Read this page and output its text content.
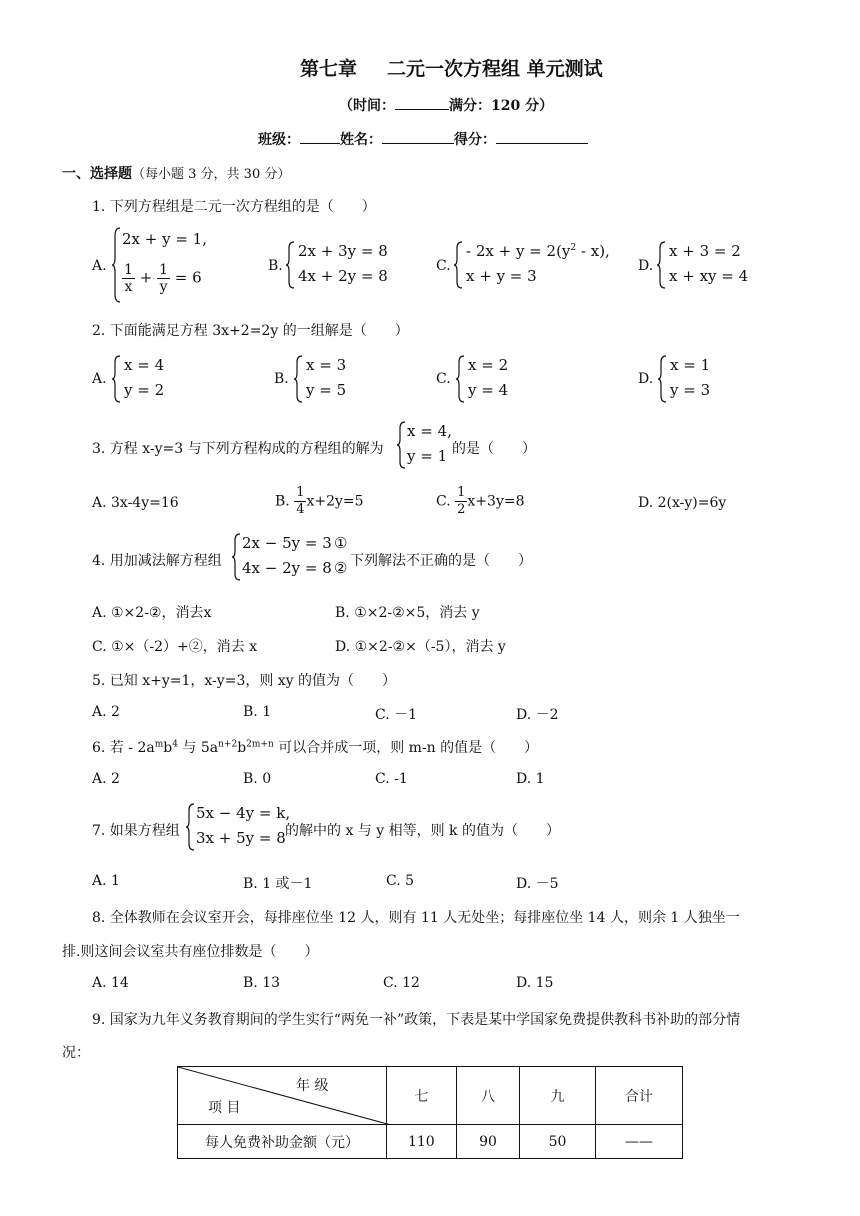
第七章 二元一次方程组 单元测试
（时间：	满分：120 分）
班级：	姓名：	得分：
一、选择题（每小题 3 分，共 30 分）
1. 下列方程组是二元一次方程组的是（　　）
A.
2x + y = 1,
$\frac{1}{x} + \frac{1}{y} = 6$
B.
2x + 3y = 8
4x + 2y = 8
C.
- $2x + y = 2(y^2 - x)$,
x + y = 3
D.
x + 3 = 2
x + xy = 4
2. 下面能满足方程 3x+2=2y 的一组解是（　　）
A.
x = 4
y = 2
B.
x = 3
y = 5
C.
x = 2
y = 4
D.
x = 1
y = 3
3. 方程 x-y=3 与下列方程构成的方程组的解为
x = 4,
y = 1 的是（　　）
A. 3x-4y=16	B. $\frac{1}{4} x+2y=5$	C. $\frac{1}{2} x+3y=8$	D. 2(x-y)=6y
4. 用加减法解方程组
2x − 5y = 3
4x − 2y = 8
①
② 下列解法不正确的是（　　）
A. ①×2-②，消去x	B. ①×2-②×5，消去 y
C. ①×（-2）+②，消去 x	D. ①×2-②×（-5），消去 y
5. 已知 x+y=1，x-y=3，则 xy 的值为（　　）
A. 2	B. 1	C. －1	D. －2
6. 若 - $2a^mb^4$ 与 $5a^{n+2}b^{2m+n}$ 可以合并成一项，则 m-n 的值是（　　）
A. 2	B. 0	C. -1	D. 1
7. 如果方程组
5x − 4y = k,
3x + 5y = 8 的解中的 x 与 y 相等，则 k 的值为（　　）
A. 1	B. 1 或－1	C. 5	D. －5
8. 全体教师在会议室开会，每排座位坐 12 人，则有 11 人无处坐；每排座位坐 14 人，则余 1 人独坐一
排.则这间会议室共有座位排数是（　　）
A. 14	B. 13	C. 12	D. 15
9. 国家为九年义务教育期间的学生实行“两免一补”政策，下表是某中学国家免费提供教科书补助的部分情
况：
年 级
项 目	七	八	九	合计
每人免费补助金额（元）	110	90	50	——
